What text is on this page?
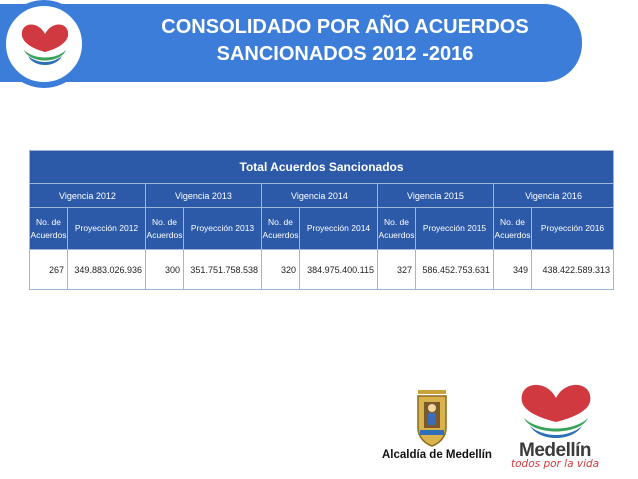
CONSOLIDADO POR AÑO ACUERDOS
SANCIONADOS 2012 -2016
Total Acuerdos Sancionados									
Vigencia 2012		Vigencia 2013		Vigencia 2014		Vigencia 2015		Vigencia 2016	
No. de Acuerdos	Proyección 2012	No. de Acuerdos	Proyección 2013	No. de Acuerdos	Proyección 2014	No. de Acuerdos	Proyección 2015	No. de Acuerdos	Proyección 2016
267	349.883.026.936	300	351.751.758.538	320	384.975.400.115	327	586.452.753.631	349	438.422.589.313
Alcaldía de Medellín Medellín
todos por la vida
